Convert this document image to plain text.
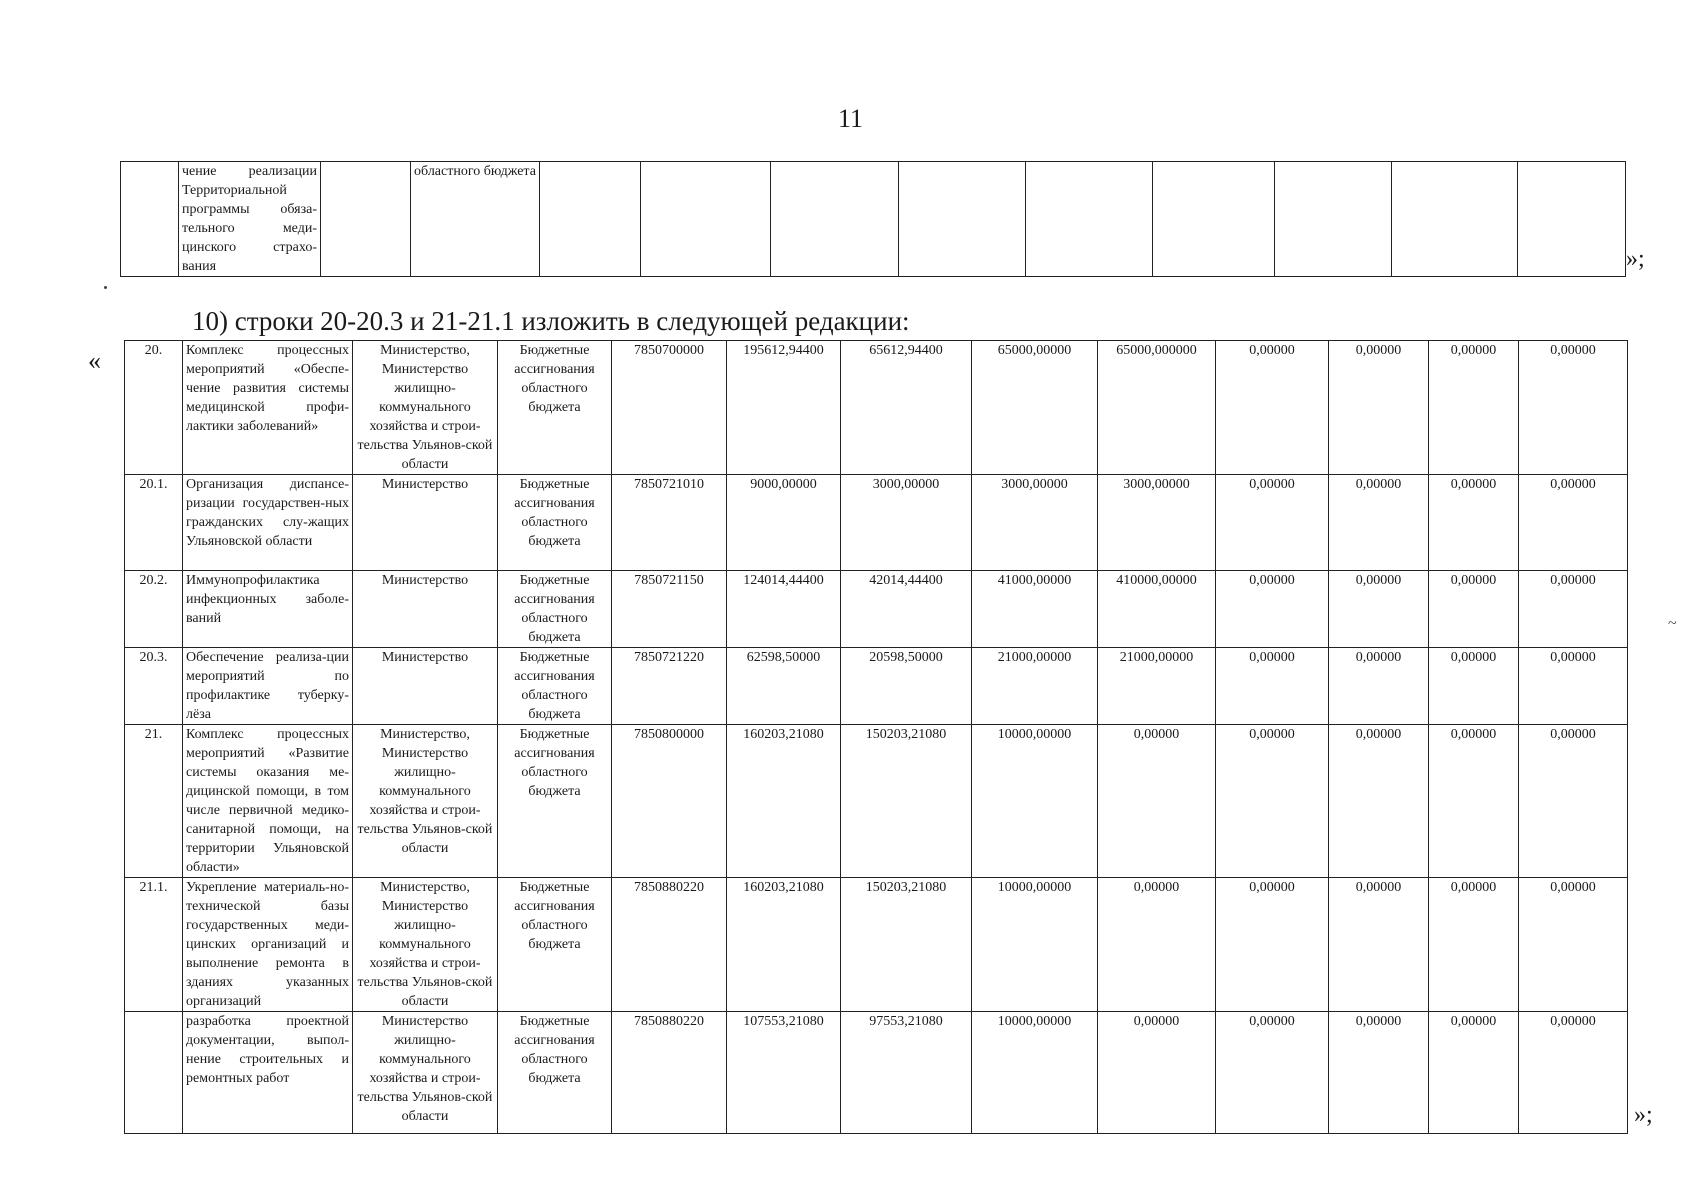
11
	чение реализации Территориальной программы обяза-тельного меди-цинского страхо-вания		областного бюджета									
»;
10) строки 20-20.3 и 21-21.1 изложить в следующей редакции:
«	20.	Комплекс процессных мероприятий «Обеспе-чение развития системы медицинской профи-лактики заболеваний»	Министерство, Министерство жилищно-коммунального хозяйства и строи-тельства Ульянов-ской области	Бюджетные ассигнования областного бюджета	7850700000	195612,94400	65612,94400	65000,00000	65000,000000	0,00000	0,00000	0,00000	0,00000
20.1.	Организация диспансе-ризации государствен-ных гражданских слу-жащих Ульяновской области	Министерство	Бюджетные ассигнования областного бюджета	7850721010	9000,00000	3000,00000	3000,00000	3000,00000	0,00000	0,00000	0,00000	0,00000
20.2.	Иммунопрофилактика инфекционных заболе-ваний	Министерство	Бюджетные ассигнования областного бюджета	7850721150	124014,44400	42014,44400	41000,00000	410000,00000	0,00000	0,00000	0,00000	0,00000
20.3.	Обеспечение реализа-ции мероприятий по профилактике туберку-лёза	Министерство	Бюджетные ассигнования областного бюджета	7850721220	62598,50000	20598,50000	21000,00000	21000,00000	0,00000	0,00000	0,00000	0,00000
21.	Комплекс процессных мероприятий «Развитие системы оказания ме-дицинской помощи, в том числе первичной медико-санитарной помощи, на территории Ульяновской области»	Министерство, Министерство жилищно-коммунального хозяйства и строи-тельства Ульянов-ской области	Бюджетные ассигнования областного бюджета	7850800000	160203,21080	150203,21080	10000,00000	0,00000	0,00000	0,00000	0,00000	0,00000
21.1.	Укрепление материаль-но-технической базы государственных меди-цинских организаций и выполнение ремонта в зданиях указанных организаций	Министерство, Министерство жилищно-коммунального хозяйства и строи-тельства Ульянов-ской области	Бюджетные ассигнования областного бюджета	7850880220	160203,21080	150203,21080	10000,00000	0,00000	0,00000	0,00000	0,00000	0,00000
	разработка проектной документации, выпол-нение строительных и ремонтных работ	Министерство жилищно-коммунального хозяйства и строи-тельства Ульянов-ской области	Бюджетные ассигнования областного бюджета	7850880220	107553,21080	97553,21080	10000,00000	0,00000	0,00000	0,00000	0,00000	0,00000
»;
~
